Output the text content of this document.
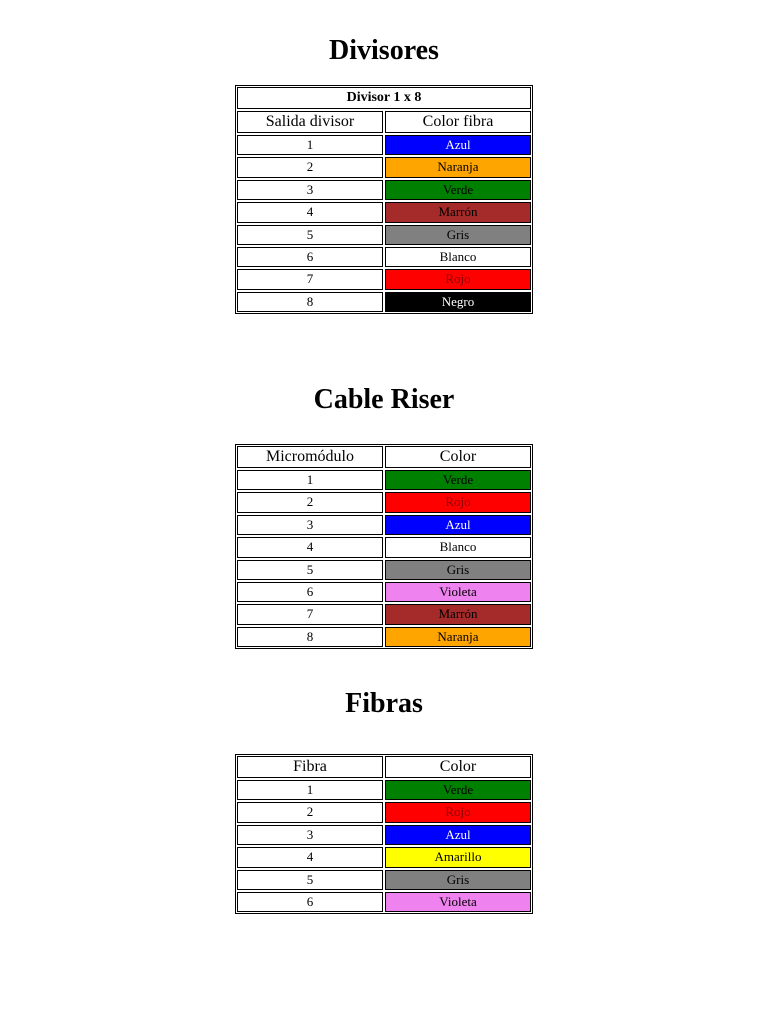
Divisores
Divisor 1 x 8
Salida divisor	Color fibra
1	Azul
2	Naranja
3	Verde
4	Marrón
5	Gris
6	Blanco
7	Rojo
8	Negro
Cable Riser
Micromódulo	Color
1	Verde
2	Rojo
3	Azul
4	Blanco
5	Gris
6	Violeta
7	Marrón
8	Naranja
Fibras
Fibra	Color
1	Verde
2	Rojo
3	Azul
4	Amarillo
5	Gris
6	Violeta
